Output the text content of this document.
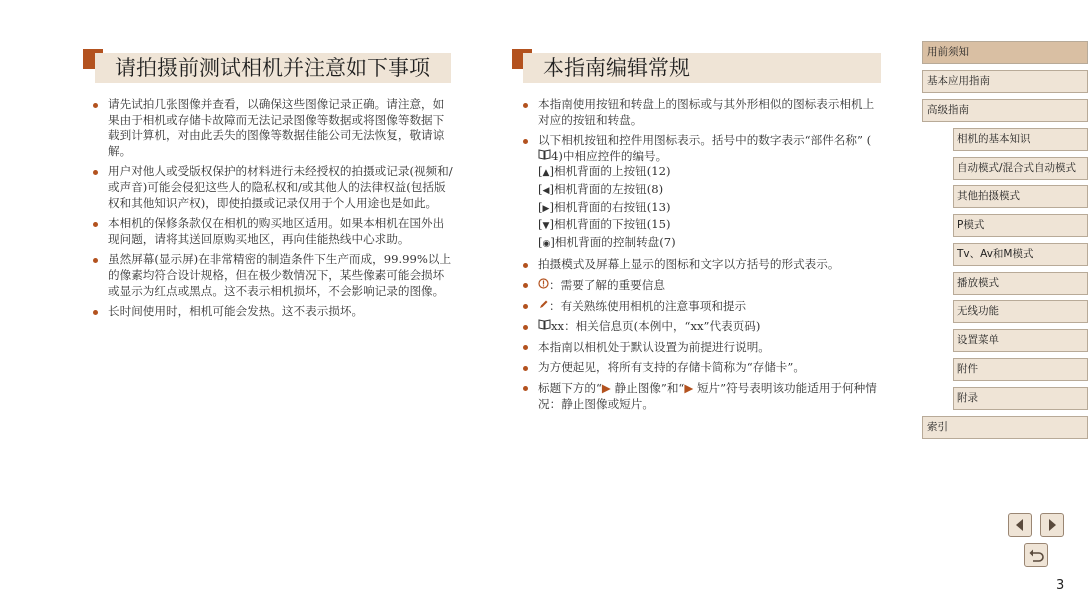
请拍摄前测试相机并注意如下事项
请先试拍几张图像并查看，以确保这些图像记录正确。请注意，如果由于相机或存储卡故障而无法记录图像等数据或将图像等数据下载到计算机，对由此丢失的图像等数据佳能公司无法恢复，敬请谅解。
用户对他人或受版权保护的材料进行未经授权的拍摄或记录(视频和/或声音)可能会侵犯这些人的隐私权和/或其他人的法律权益(包括版权和其他知识产权)，即使拍摄或记录仅用于个人用途也是如此。
本相机的保修条款仅在相机的购买地区适用。如果本相机在国外出现问题，请将其送回原购买地区，再向佳能热线中心求助。
虽然屏幕(显示屏)在非常精密的制造条件下生产而成，99.99%以上的像素均符合设计规格，但在极少数情况下，某些像素可能会损坏或显示为红点或黑点。这不表示相机损坏，不会影响记录的图像。
长时间使用时，相机可能会发热。这不表示损坏。
本指南编辑常规
本指南使用按钮和转盘上的图标或与其外形相似的图标表示相机上对应的按钮和转盘。
以下相机按钮和控件用图标表示。括号中的数字表示“部件名称” (4)中相应控件的编号。
[▲]相机背面的上按钮(12)
[◀]相机背面的左按钮(8)
[▶]相机背面的右按钮(13)
[▼]相机背面的下按钮(15)
[◉]相机背面的控制转盘(7)
拍摄模式及屏幕上显示的图标和文字以方括号的形式表示。
：需要了解的重要信息
：有关熟练使用相机的注意事项和提示
xx：相关信息页(本例中，“xx”代表页码)
本指南以相机处于默认设置为前提进行说明。
为方便起见，将所有支持的存储卡简称为“存储卡”。
标题下方的“▶ 静止图像”和“▶ 短片”符号表明该功能适用于何种情况：静止图像或短片。
用前须知
基本应用指南
高级指南
相机的基本知识
自动模式/混合式自动模式
其他拍摄模式
P模式
Tv、Av和M模式
播放模式
无线功能
设置菜单
附件
附录
索引
3
